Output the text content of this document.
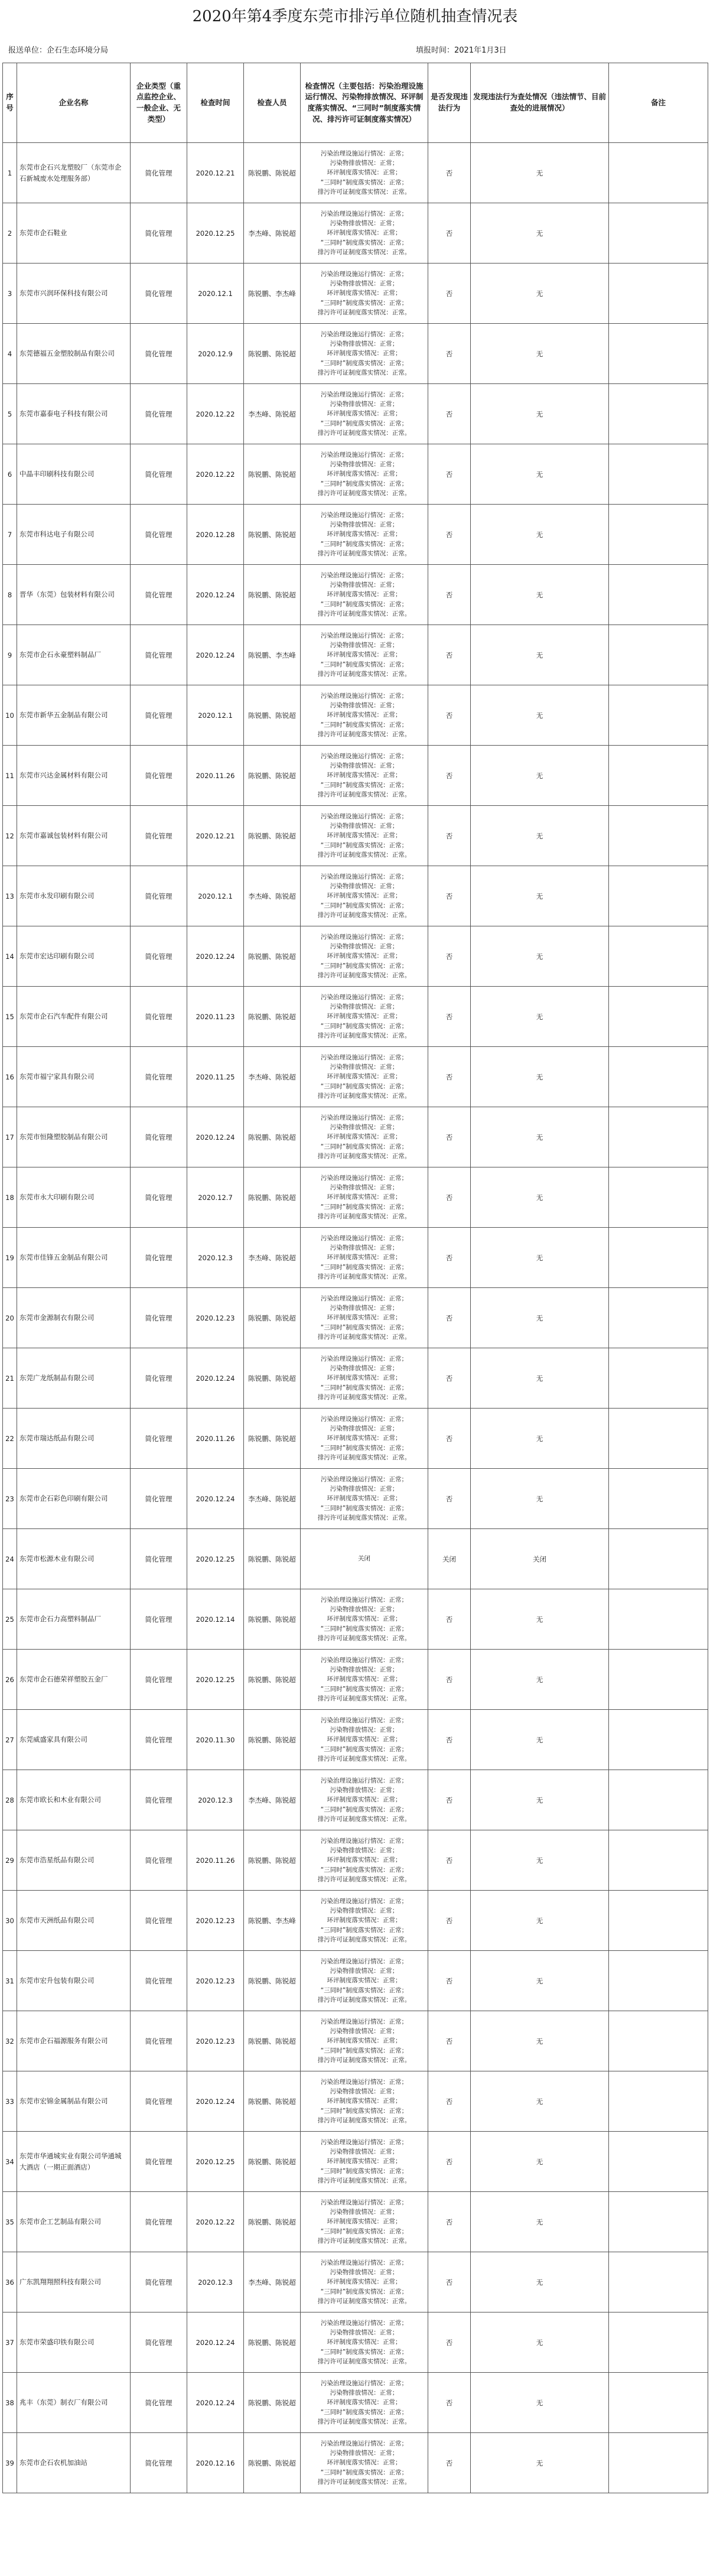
2020年第4季度东莞市排污单位随机抽查情况表
报送单位：企石生态环境分局	填报时间：2021年1月3日
序号	企业名称	企业类型（重点监控企业、一般企业、无类型）	检查时间	检查人员	检查情况（主要包括：污染治理设施运行情况、污染物排放情况、环评制度落实情况、“三同时”制度落实情况、排污许可证制度落实情况）	是否发现违法行为	发现违法行为查处情况（违法情节、目前查处的进展情况）	备注
1	东莞市企石兴龙塑胶厂（东莞市企石新城废水处理服务部）	简化管理	2020.12.21	陈锐鹏、陈锐超	污染治理设施运行情况：正常；
污染物排放情况：正常；
环评制度落实情况：正常；
“三同时”制度落实情况：正常；
排污许可证制度落实情况：正常。	否	无	
2	东莞市企石鞋业	简化管理	2020.12.25	李杰峰、陈锐超	污染治理设施运行情况：正常；
污染物排放情况：正常；
环评制度落实情况：正常；
“三同时”制度落实情况：正常；
排污许可证制度落实情况：正常。	否	无	
3	东莞市兴润环保科技有限公司	简化管理	2020.12.1	陈锐鹏、李杰峰	污染治理设施运行情况：正常；
污染物排放情况：正常；
环评制度落实情况：正常；
“三同时”制度落实情况：正常；
排污许可证制度落实情况：正常。	否	无	
4	东莞德福五金塑胶制品有限公司	简化管理	2020.12.9	陈锐鹏、陈锐超	污染治理设施运行情况：正常；
污染物排放情况：正常；
环评制度落实情况：正常；
“三同时”制度落实情况：正常；
排污许可证制度落实情况：正常。	否	无	
5	东莞市嘉泰电子科技有限公司	简化管理	2020.12.22	李杰峰、陈锐超	污染治理设施运行情况：正常；
污染物排放情况：正常；
环评制度落实情况：正常；
“三同时”制度落实情况：正常；
排污许可证制度落实情况：正常。	否	无	
6	中晶丰印刷科技有限公司	简化管理	2020.12.22	陈锐鹏、陈锐超	污染治理设施运行情况：正常；
污染物排放情况：正常；
环评制度落实情况：正常；
“三同时”制度落实情况：正常；
排污许可证制度落实情况：正常。	否	无	
7	东莞市科达电子有限公司	简化管理	2020.12.28	陈锐鹏、陈锐超	污染治理设施运行情况：正常；
污染物排放情况：正常；
环评制度落实情况：正常；
“三同时”制度落实情况：正常；
排污许可证制度落实情况：正常。	否	无	
8	晋华（东莞）包装材料有限公司	简化管理	2020.12.24	陈锐鹏、陈锐超	污染治理设施运行情况：正常；
污染物排放情况：正常；
环评制度落实情况：正常；
“三同时”制度落实情况：正常；
排污许可证制度落实情况：正常。	否	无	
9	东莞市企石永豪塑料制品厂	简化管理	2020.12.24	陈锐鹏、李杰峰	污染治理设施运行情况：正常；
污染物排放情况：正常；
环评制度落实情况：正常；
“三同时”制度落实情况：正常；
排污许可证制度落实情况：正常。	否	无	
10	东莞市新华五金制品有限公司	简化管理	2020.12.1	陈锐鹏、陈锐超	污染治理设施运行情况：正常；
污染物排放情况：正常；
环评制度落实情况：正常；
“三同时”制度落实情况：正常；
排污许可证制度落实情况：正常。	否	无	
11	东莞市兴达金属材料有限公司	简化管理	2020.11.26	陈锐鹏、陈锐超	污染治理设施运行情况：正常；
污染物排放情况：正常；
环评制度落实情况：正常；
“三同时”制度落实情况：正常；
排污许可证制度落实情况：正常。	否	无	
12	东莞市嘉诚包装材料有限公司	简化管理	2020.12.21	陈锐鹏、陈锐超	污染治理设施运行情况：正常；
污染物排放情况：正常；
环评制度落实情况：正常；
“三同时”制度落实情况：正常；
排污许可证制度落实情况：正常。	否	无	
13	东莞市永发印刷有限公司	简化管理	2020.12.1	李杰峰、陈锐超	污染治理设施运行情况：正常；
污染物排放情况：正常；
环评制度落实情况：正常；
“三同时”制度落实情况：正常；
排污许可证制度落实情况：正常。	否	无	
14	东莞市宏达印刷有限公司	简化管理	2020.12.24	陈锐鹏、陈锐超	污染治理设施运行情况：正常；
污染物排放情况：正常；
环评制度落实情况：正常；
“三同时”制度落实情况：正常；
排污许可证制度落实情况：正常。	否	无	
15	东莞市企石汽车配件有限公司	简化管理	2020.11.23	陈锐鹏、陈锐超	污染治理设施运行情况：正常；
污染物排放情况：正常；
环评制度落实情况：正常；
“三同时”制度落实情况：正常；
排污许可证制度落实情况：正常。	否	无	
16	东莞市福宁家具有限公司	简化管理	2020.11.25	李杰峰、陈锐超	污染治理设施运行情况：正常；
污染物排放情况：正常；
环评制度落实情况：正常；
“三同时”制度落实情况：正常；
排污许可证制度落实情况：正常。	否	无	
17	东莞市恒隆塑胶制品有限公司	简化管理	2020.12.24	陈锐鹏、陈锐超	污染治理设施运行情况：正常；
污染物排放情况：正常；
环评制度落实情况：正常；
“三同时”制度落实情况：正常；
排污许可证制度落实情况：正常。	否	无	
18	东莞市永大印刷有限公司	简化管理	2020.12.7	陈锐鹏、陈锐超	污染治理设施运行情况：正常；
污染物排放情况：正常；
环评制度落实情况：正常；
“三同时”制度落实情况：正常；
排污许可证制度落实情况：正常。	否	无	
19	东莞市佳锋五金制品有限公司	简化管理	2020.12.3	李杰峰、陈锐超	污染治理设施运行情况：正常；
污染物排放情况：正常；
环评制度落实情况：正常；
“三同时”制度落实情况：正常；
排污许可证制度落实情况：正常。	否	无	
20	东莞市金源制衣有限公司	简化管理	2020.12.23	陈锐鹏、陈锐超	污染治理设施运行情况：正常；
污染物排放情况：正常；
环评制度落实情况：正常；
“三同时”制度落实情况：正常；
排污许可证制度落实情况：正常。	否	无	
21	东莞广龙纸制品有限公司	简化管理	2020.12.24	陈锐鹏、陈锐超	污染治理设施运行情况：正常；
污染物排放情况：正常；
环评制度落实情况：正常；
“三同时”制度落实情况：正常；
排污许可证制度落实情况：正常。	否	无	
22	东莞市瑞达纸品有限公司	简化管理	2020.11.26	陈锐鹏、陈锐超	污染治理设施运行情况：正常；
污染物排放情况：正常；
环评制度落实情况：正常；
“三同时”制度落实情况：正常；
排污许可证制度落实情况：正常。	否	无	
23	东莞市企石彩色印刷有限公司	简化管理	2020.12.24	李杰峰、陈锐超	污染治理设施运行情况：正常；
污染物排放情况：正常；
环评制度落实情况：正常；
“三同时”制度落实情况：正常；
排污许可证制度落实情况：正常。	否	无	
24	东莞市松源木业有限公司	简化管理	2020.12.25	陈锐鹏、陈锐超	关闭	关闭	关闭	
25	东莞市企石力高塑料制品厂	简化管理	2020.12.14	陈锐鹏、陈锐超	污染治理设施运行情况：正常；
污染物排放情况：正常；
环评制度落实情况：正常；
“三同时”制度落实情况：正常；
排污许可证制度落实情况：正常。	否	无	
26	东莞市企石德荣祥塑胶五金厂	简化管理	2020.12.25	陈锐鹏、陈锐超	污染治理设施运行情况：正常；
污染物排放情况：正常；
环评制度落实情况：正常；
“三同时”制度落实情况：正常；
排污许可证制度落实情况：正常。	否	无	
27	东莞威盛家具有限公司	简化管理	2020.11.30	陈锐鹏、陈锐超	污染治理设施运行情况：正常；
污染物排放情况：正常；
环评制度落实情况：正常；
“三同时”制度落实情况：正常；
排污许可证制度落实情况：正常。	否	无	
28	东莞市欧长和木业有限公司	简化管理	2020.12.3	李杰峰、陈锐超	污染治理设施运行情况：正常；
污染物排放情况：正常；
环评制度落实情况：正常；
“三同时”制度落实情况：正常；
排污许可证制度落实情况：正常。	否	无	
29	东莞市浩星纸品有限公司	简化管理	2020.11.26	陈锐鹏、陈锐超	污染治理设施运行情况：正常；
污染物排放情况：正常；
环评制度落实情况：正常；
“三同时”制度落实情况：正常；
排污许可证制度落实情况：正常。	否	无	
30	东莞市天洲纸品有限公司	简化管理	2020.12.23	陈锐鹏、李杰峰	污染治理设施运行情况：正常；
污染物排放情况：正常；
环评制度落实情况：正常；
“三同时”制度落实情况：正常；
排污许可证制度落实情况：正常。	否	无	
31	东莞市宏升包装有限公司	简化管理	2020.12.23	陈锐鹏、陈锐超	污染治理设施运行情况：正常；
污染物排放情况：正常；
环评制度落实情况：正常；
“三同时”制度落实情况：正常；
排污许可证制度落实情况：正常。	否	无	
32	东莞市企石福源服务有限公司	简化管理	2020.12.23	陈锐鹏、陈锐超	污染治理设施运行情况：正常；
污染物排放情况：正常；
环评制度落实情况：正常；
“三同时”制度落实情况：正常；
排污许可证制度落实情况：正常。	否	无	
33	东莞市宏锦金属制品有限公司	简化管理	2020.12.24	陈锐鹏、陈锐超	污染治理设施运行情况：正常；
污染物排放情况：正常；
环评制度落实情况：正常；
“三同时”制度落实情况：正常；
排污许可证制度落实情况：正常。	否	无	
34	东莞市华通城实业有限公司华通城大酒店（一期正面酒店）	简化管理	2020.12.25	陈锐鹏、陈锐超	污染治理设施运行情况：正常；
污染物排放情况：正常；
环评制度落实情况：正常；
“三同时”制度落实情况：正常；
排污许可证制度落实情况：正常。	否	无	
35	东莞市企工艺制品有限公司	简化管理	2020.12.22	陈锐鹏、陈锐超	污染治理设施运行情况：正常；
污染物排放情况：正常；
环评制度落实情况：正常；
“三同时”制度落实情况：正常；
排污许可证制度落实情况：正常。	否	无	
36	广东凯翔翔照科技有限公司	简化管理	2020.12.3	李杰峰、陈锐超	污染治理设施运行情况：正常；
污染物排放情况：正常；
环评制度落实情况：正常；
“三同时”制度落实情况：正常；
排污许可证制度落实情况：正常。	否	无	
37	东莞市荣盛印铁有限公司	简化管理	2020.12.24	陈锐鹏、陈锐超	污染治理设施运行情况：正常；
污染物排放情况：正常；
环评制度落实情况：正常；
“三同时”制度落实情况：正常；
排污许可证制度落实情况：正常。	否	无	
38	兆丰（东莞）制衣厂有限公司	简化管理	2020.12.24	陈锐鹏、陈锐超	污染治理设施运行情况：正常；
污染物排放情况：正常；
环评制度落实情况：正常；
“三同时”制度落实情况：正常；
排污许可证制度落实情况：正常。	否	无	
39	东莞市企石农机加油站	简化管理	2020.12.16	陈锐鹏、陈锐超	污染治理设施运行情况：正常；
污染物排放情况：正常；
环评制度落实情况：正常；
“三同时”制度落实情况：正常；
排污许可证制度落实情况：正常。	否	无	
